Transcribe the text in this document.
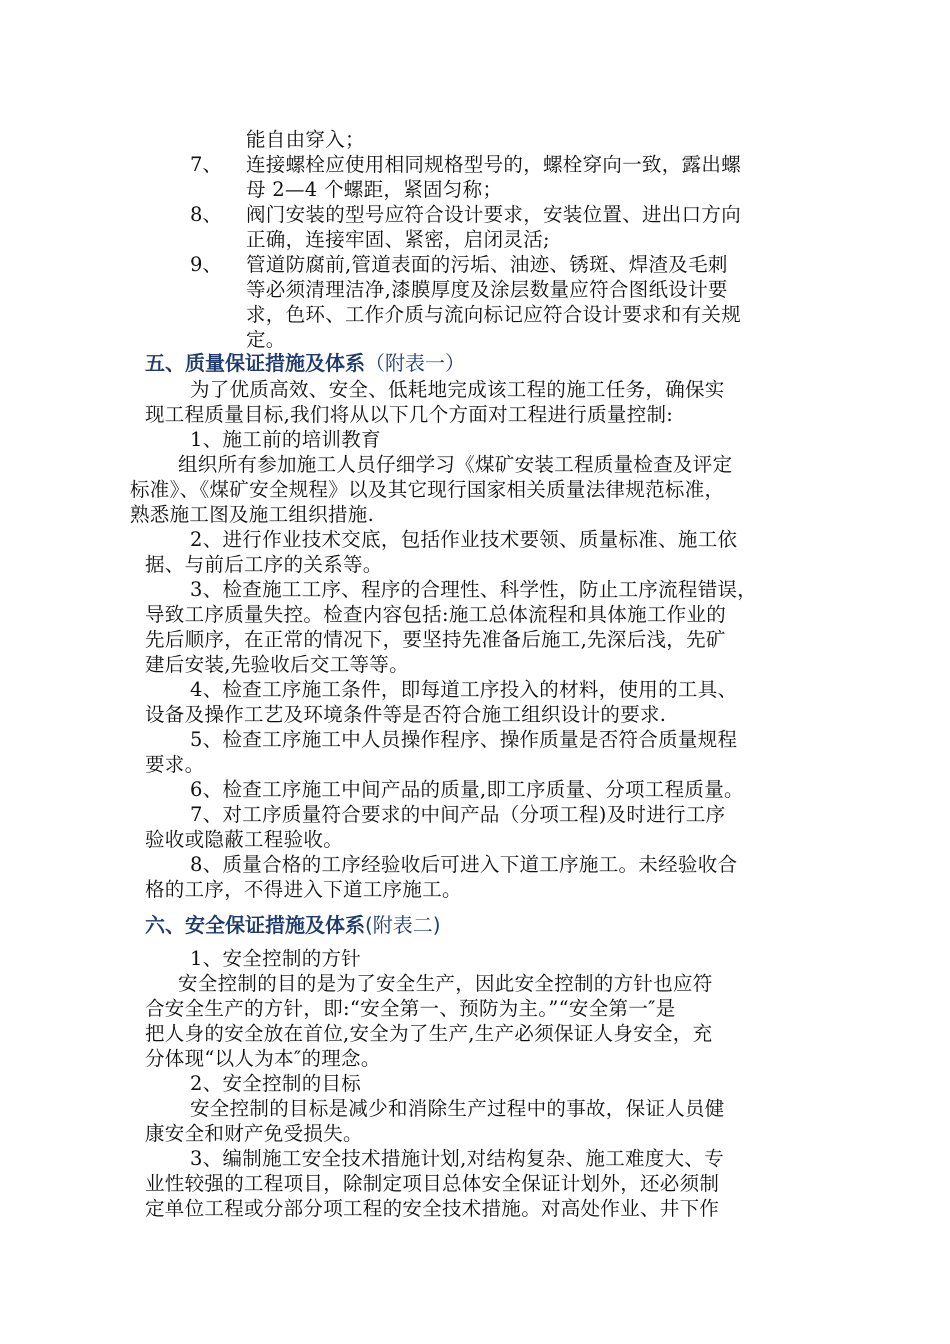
能自由穿入；
7、 连接螺栓应使用相同规格型号的，螺栓穿向一致，露出螺
母 2—4 个螺距，紧固匀称；
8、 阀门安装的型号应符合设计要求，安装位置、进出口方向
正确，连接牢固、紧密，启闭灵活;
9、 管道防腐前,管道表面的污垢、油迹、锈斑、焊渣及毛刺
等必须清理洁净,漆膜厚度及涂层数量应符合图纸设计要
求，色环、工作介质与流向标记应符合设计要求和有关规
定。
五、质量保证措施及体系（附表一）
为了优质高效、安全、低耗地完成该工程的施工任务，确保实
现工程质量目标,我们将从以下几个方面对工程进行质量控制:
1、施工前的培训教育
组织所有参加施工人员仔细学习《煤矿安装工程质量检查及评定
标准》、《煤矿安全规程》以及其它现行国家相关质量法律规范标准，
熟悉施工图及施工组织措施.
2、进行作业技术交底，包括作业技术要领、质量标准、施工依
据、与前后工序的关系等。
3、检查施工工序、程序的合理性、科学性，防止工序流程错误，
导致工序质量失控。检查内容包括:施工总体流程和具体施工作业的
先后顺序，在正常的情况下，要坚持先准备后施工,先深后浅，先矿
建后安装,先验收后交工等等。
4、检查工序施工条件，即每道工序投入的材料，使用的工具、
设备及操作工艺及环境条件等是否符合施工组织设计的要求.
5、检查工序施工中人员操作程序、操作质量是否符合质量规程
要求。
6、检查工序施工中间产品的质量,即工序质量、分项工程质量。
7、对工序质量符合要求的中间产品（分项工程)及时进行工序
验收或隐蔽工程验收。
8、质量合格的工序经验收后可进入下道工序施工。未经验收合
格的工序，不得进入下道工序施工。
六、安全保证措施及体系(附表二)
1、安全控制的方针
安全控制的目的是为了安全生产，因此安全控制的方针也应符
合安全生产的方针，即:“安全第一、预防为主。”“安全第一″是
把人身的安全放在首位,安全为了生产,生产必须保证人身安全，充
分体现“以人为本″的理念。
2、安全控制的目标
安全控制的目标是减少和消除生产过程中的事故，保证人员健
康安全和财产免受损失。
3、编制施工安全技术措施计划,对结构复杂、施工难度大、专
业性较强的工程项目，除制定项目总体安全保证计划外，还必须制
定单位工程或分部分项工程的安全技术措施。对高处作业、井下作
